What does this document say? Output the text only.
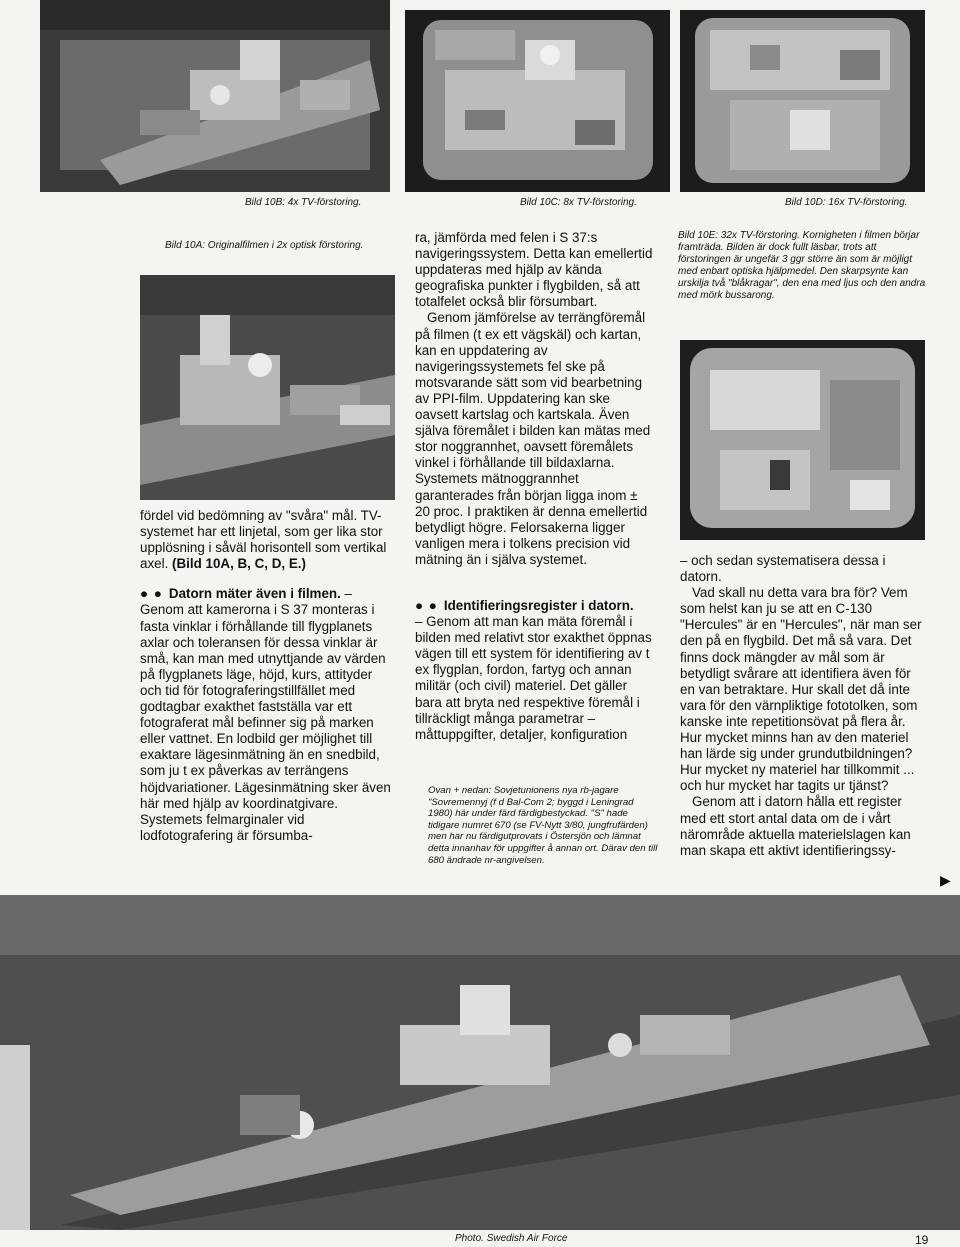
Bild 10B: 4x TV-förstoring.	Bild 10C: 8x TV-förstoring.	Bild 10D: 16x TV-förstoring.
Bild 10A: Originalfilmen i 2x optisk förstoring.
Bild 10E: 32x TV-förstoring. Kornigheten i filmen börjar framträda. Bilden är dock fullt läsbar, trots att förstoringen är ungefär 3 ggr större än som är möjligt med enbart optiska hjälpmedel. Den skarpsynte kan urskilja två "blåkragar", den ena med ljus och den andra med mörk bussarong.

fördel vid bedömning av "svåra" mål. TV-systemet har ett linjetal, som ger lika stor upplösning i såväl horisontell som vertikal axel. (Bild 10A, B, C, D, E.)

● ● Datorn mäter även i filmen. –

Genom att kamerorna i S 37 monteras i fasta vinklar i förhållande till flygplanets axlar och toleransen för dessa vinklar är små, kan man med utnyttjande av värden på flygplanets läge, höjd, kurs, attityder och tid för fotograferingstillfället med godtagbar exakthet fastställa var ett fotograferat mål befinner sig på marken eller vattnet. En lodbild ger möjlighet till exaktare lägesinmätning än en snedbild, som ju t ex påverkas av terrängens höjdvariationer. Lägesinmätning sker även här med hjälp av koordinatgivare. Systemets felmarginaler vid lodfotografering är försumba-

ra, jämförda med felen i S 37:s navigeringssystem. Detta kan emellertid uppdateras med hjälp av kända geografiska punkter i flygbilden, så att totalfelet också blir försumbart.

Genom jämförelse av terrängföremål på filmen (t ex ett vägskäl) och kartan, kan en uppdatering av navigeringssystemets fel ske på motsvarande sätt som vid bearbetning av PPI-film. Uppdatering kan ske oavsett kartslag och kartskala. Även själva föremålet i bilden kan mätas med stor noggrannhet, oavsett föremålets vinkel i förhållande till bildaxlarna. Systemets mätnoggrannhet garanterades från början ligga inom ± 20 proc. I praktiken är denna emellertid betydligt högre. Felorsakerna ligger vanligen mera i tolkens precision vid mätning än i själva systemet.

● ● Identifieringsregister i datorn.

– Genom att man kan mäta föremål i bilden med relativt stor exakthet öppnas vägen till ett system för identifiering av t ex flygplan, fordon, fartyg och annan militär (och civil) materiel. Det gäller bara att bryta ned respektive föremål i tillräckligt många parametrar – måttuppgifter, detaljer, konfiguration

Ovan + nedan: Sovjetunionens nya rb-jagare "Sovremennyj (f d Bal-Com 2; byggd i Leningrad 1980) här under färd färdigbestyckad. "S" hade tidigare numret 670 (se FV-Nytt 3/80, jungfrufärden) men har nu färdigutprovats i Östersjön och lämnat detta innanhav för uppgifter å annan ort. Därav den till 680 ändrade nr-angivelsen.

– och sedan systematisera dessa i datorn.

Vad skall nu detta vara bra för? Vem som helst kan ju se att en C-130 "Hercules" är en "Hercules", när man ser den på en flygbild. Det må så vara. Det finns dock mängder av mål som är betydligt svårare att identifiera även för en van betraktare. Hur skall det då inte vara för den värnpliktige fototolken, som kanske inte repetitionsövat på flera år. Hur mycket minns han av den materiel han lärde sig under grundutbildningen? Hur mycket ny materiel har tillkommit ... och hur mycket har tagits ur tjänst?

Genom att i datorn hålla ett register med ett stort antal data om de i vårt närområde aktuella materielslagen kan man skapa ett aktivt identifieringssy-

▶
Photo. Swedish Air Force	19
